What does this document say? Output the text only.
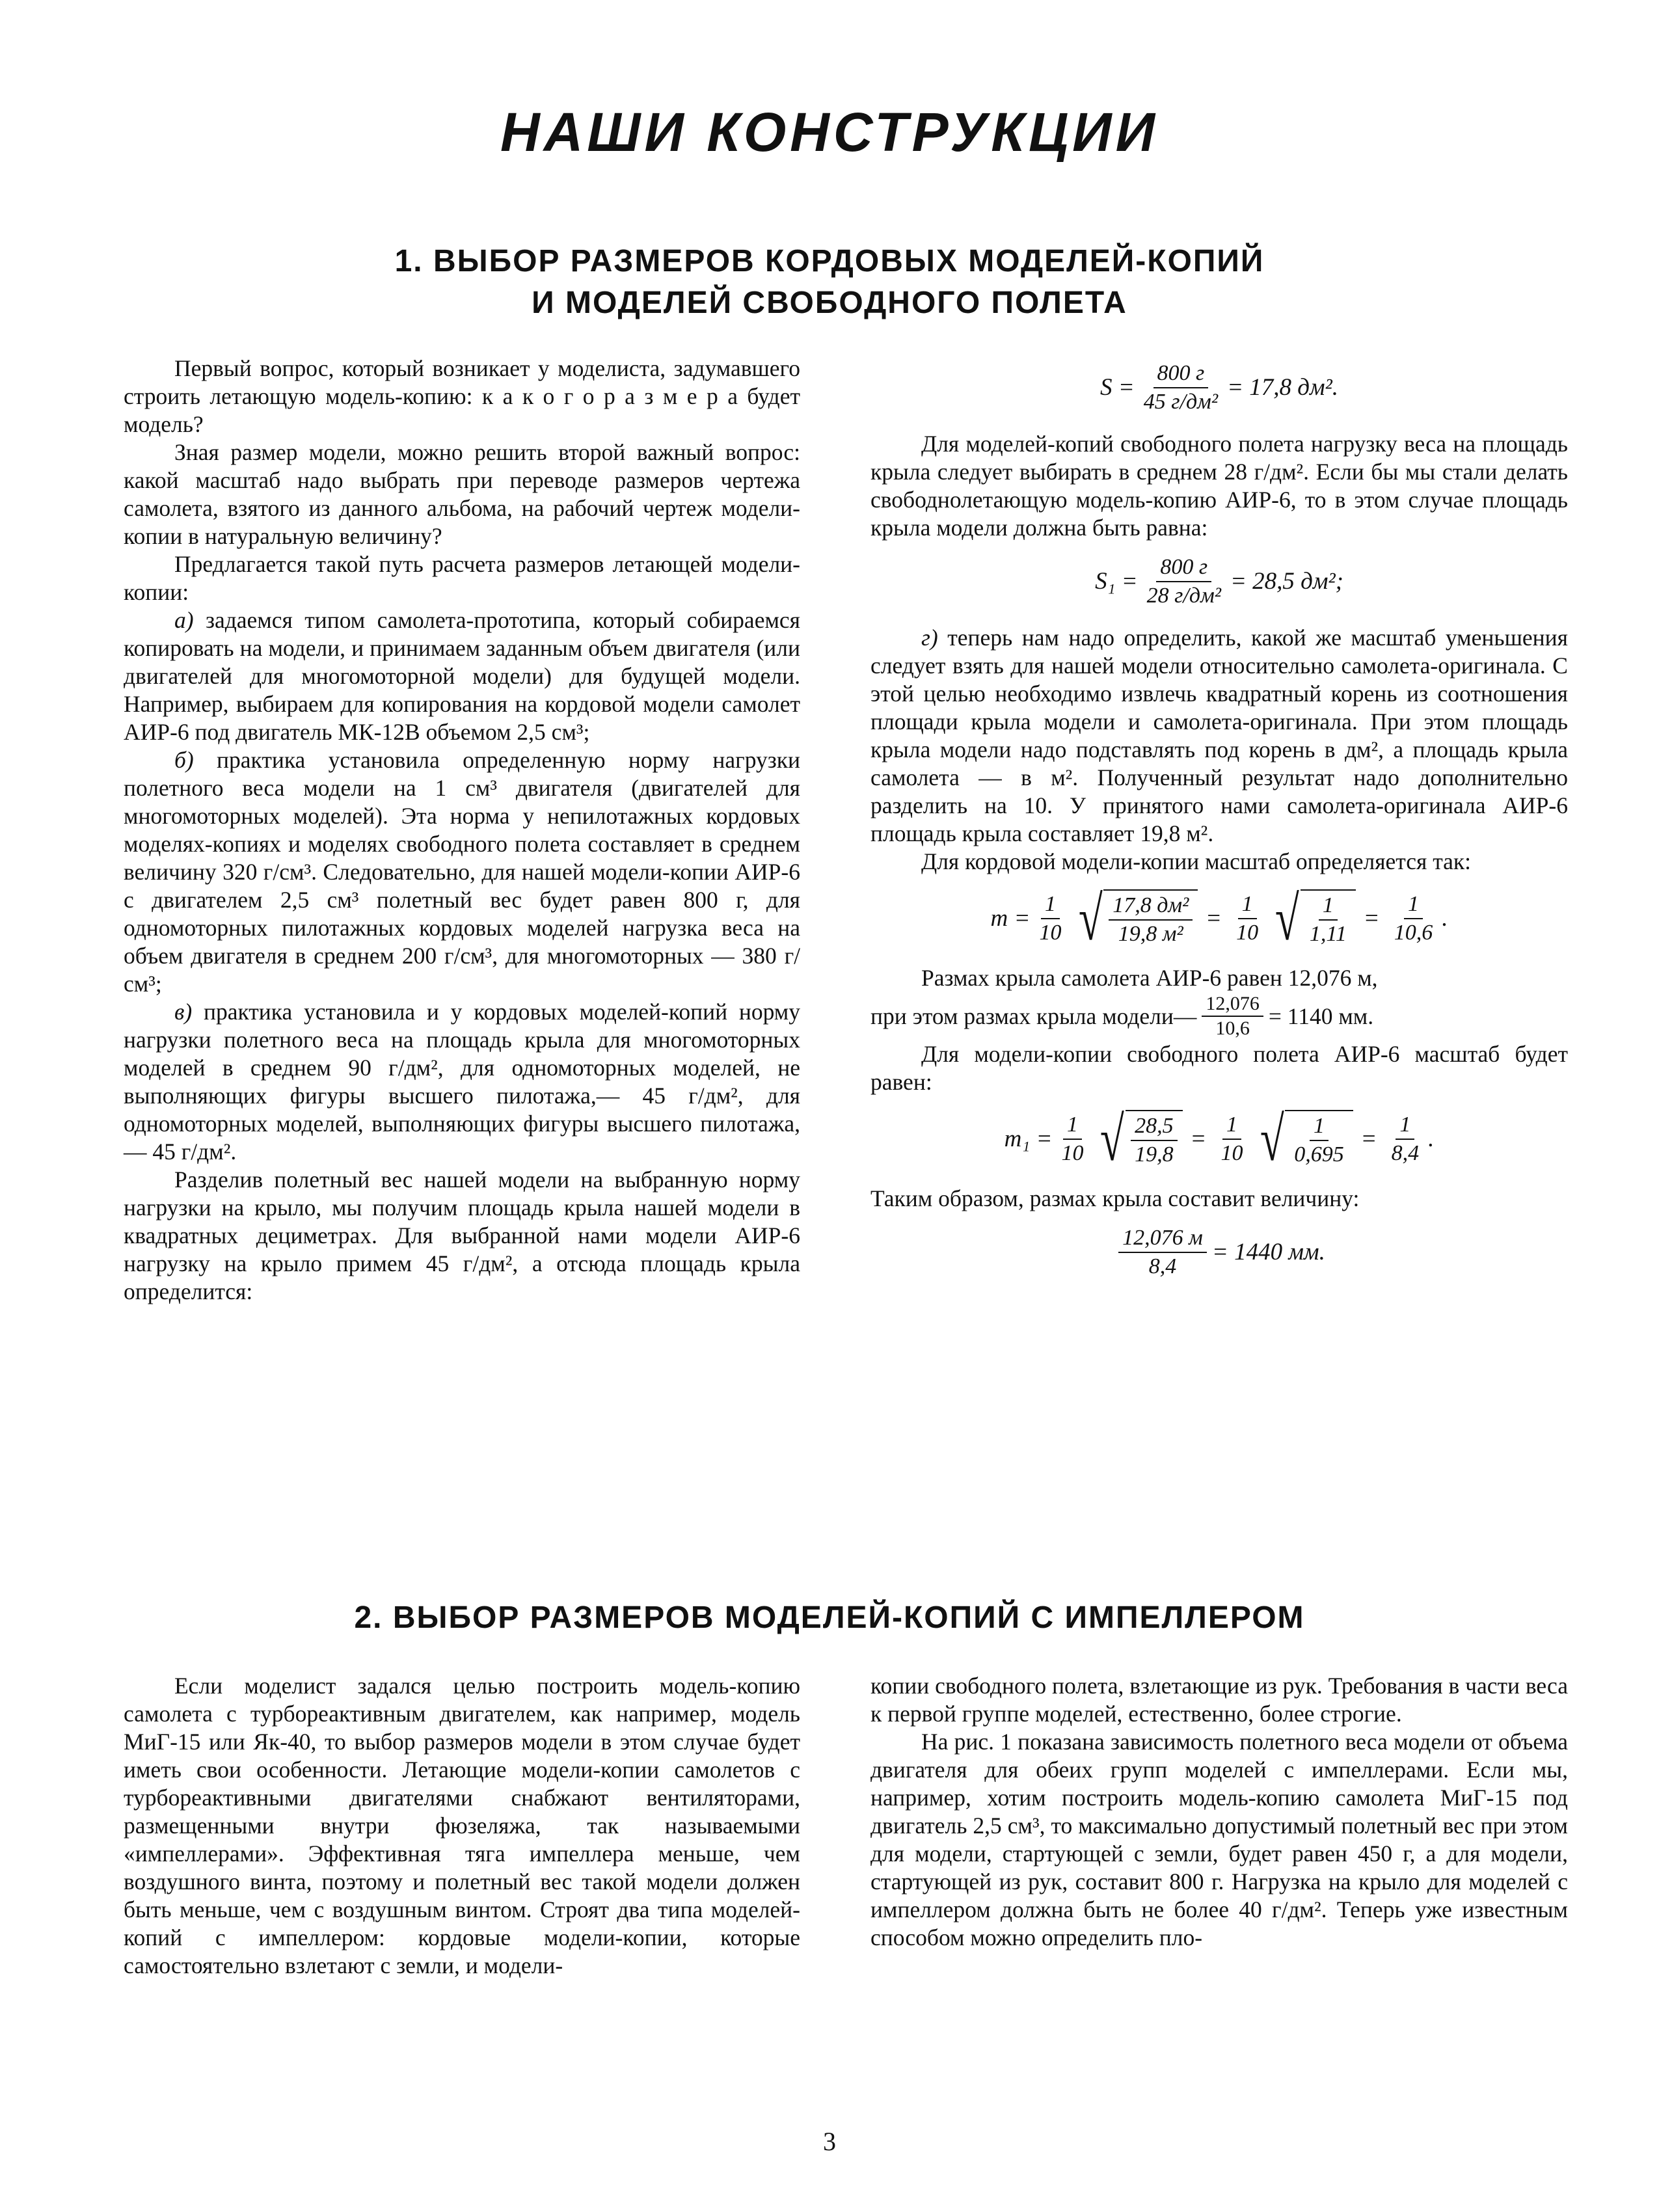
НАШИ КОНСТРУКЦИИ
1. ВЫБОР РАЗМЕРОВ КОРДОВЫХ МОДЕЛЕЙ-КОПИЙ
И МОДЕЛЕЙ СВОБОДНОГО ПОЛЕТА

Первый вопрос, который возникает у моделиста, задумавшего строить летающую модель-копию: к а к о г о р а з м е р а будет модель?

Зная размер модели, можно решить второй важный вопрос: какой масштаб надо выбрать при переводе размеров чертежа самолета, взятого из данного альбома, на рабочий чертеж модели-копии в натуральную величину?

Предлагается такой путь расчета размеров летающей модели-копии:

а) задаемся типом самолета-прототипа, который собираемся копировать на модели, и принимаем заданным объем двигателя (или двигателей для многомоторной модели) для будущей модели. Например, выбираем для копирования на кордовой модели самолет АИР-6 под двигатель МК-12В объемом 2,5 см³;

б) практика установила определенную норму нагрузки полетного веса модели на 1 см³ двигателя (двигателей для многомоторных моделей). Эта норма у непилотажных кордовых моделях-копиях и моделях свободного полета составляет в среднем величину 320 г/см³. Следовательно, для нашей модели-копии АИР-6 с двигателем 2,5 см³ полетный вес будет равен 800 г, для одномоторных пилотажных кордовых моделей нагрузка веса на объем двигателя в среднем 200 г/см³, для многомоторных — 380 г/см³;

в) практика установила и у кордовых моделей-копий норму нагрузки полетного веса на площадь крыла для многомоторных моделей в среднем 90 г/дм², для одномоторных моделей, не выполняющих фигуры высшего пилотажа,— 45 г/дм², для одномоторных моделей, выполняющих фигуры высшего пилотажа,— 45 г/дм².

Разделив полетный вес нашей модели на выбранную норму нагрузки на крыло, мы получим площадь крыла нашей модели в квадратных дециметрах. Для выбранной нами модели АИР-6 нагрузку на крыло примем 45 г/дм², а отсюда площадь крыла определится:

$S = \frac{800 г}{\text{45 г/дм²}} = 17,8$ дм².

Для моделей-копий свободного полета нагрузку веса на площадь крыла следует выбирать в среднем 28 г/дм². Если бы мы стали делать свободнолетающую модель-копию АИР-6, то в этом случае площадь крыла модели должна быть равна:

$S_1 = \frac{800 г}{\text{28 г/дм²}} = 28,5$ дм²;

г) теперь нам надо определить, какой же масштаб уменьшения следует взять для нашей модели относительно самолета-оригинала. С этой целью необходимо извлечь квадратный корень из соотношения площади крыла модели и самолета-оригинала. При этом площадь крыла модели надо подставлять под корень в дм², а площадь крыла самолета — в м². Полученный результат надо дополнительно разделить на 10. У принятого нами самолета-оригинала АИР-6 площадь крыла составляет 19,8 м².

Для кордовой модели-копии масштаб определяется так:

$m = \frac{1}{10}$ √ $\frac{\text{17,8 дм²}}{\text{19,8 м²}} = \frac{1}{10}$ √ $\frac{1}{1,11} = \frac{1}{10,6}$ .

Размах крыла самолета АИР-6 равен 12,076 м,

при этом размах крыла модели— $\frac{12,076}{10,6} = 1140$ мм.

Для модели-копии свободного полета АИР-6 масштаб будет равен:

$m_1 = \frac{1}{10}$ √ $\frac{28,5}{19,8} = \frac{1}{10}$ √ $\frac{1}{0,695} = \frac{1}{8,4}$ .

Таким образом, размах крыла составит величину:

$\frac{12,076 м}{8,4} = 1440$ мм.
2. ВЫБОР РАЗМЕРОВ МОДЕЛЕЙ-КОПИЙ С ИМПЕЛЛЕРОМ

Если моделист задался целью построить модель-копию самолета с турбореактивным двигателем, как например, модель МиГ-15 или Як-40, то выбор размеров модели в этом случае будет иметь свои особенности. Летающие модели-копии самолетов с турбореактивными двигателями снабжают вентиляторами, размещенными внутри фюзеляжа, так называемыми «импеллерами». Эффективная тяга импеллера меньше, чем воздушного винта, поэтому и полетный вес такой модели должен быть меньше, чем с воздушным винтом. Строят два типа моделей-копий с импеллером: кордовые модели-копии, которые самостоятельно взлетают с земли, и модели-

копии свободного полета, взлетающие из рук. Требования в части веса к первой группе моделей, естественно, более строгие.

На рис. 1 показана зависимость полетного веса модели от объема двигателя для обеих групп моделей с импеллерами. Если мы, например, хотим построить модель-копию самолета МиГ-15 под двигатель 2,5 см³, то максимально допустимый полетный вес при этом для модели, стартующей с земли, будет равен 450 г, а для модели, стартующей из рук, составит 800 г. Нагрузка на крыло для моделей с импеллером должна быть не более 40 г/дм². Теперь уже известным способом можно определить пло-

3
